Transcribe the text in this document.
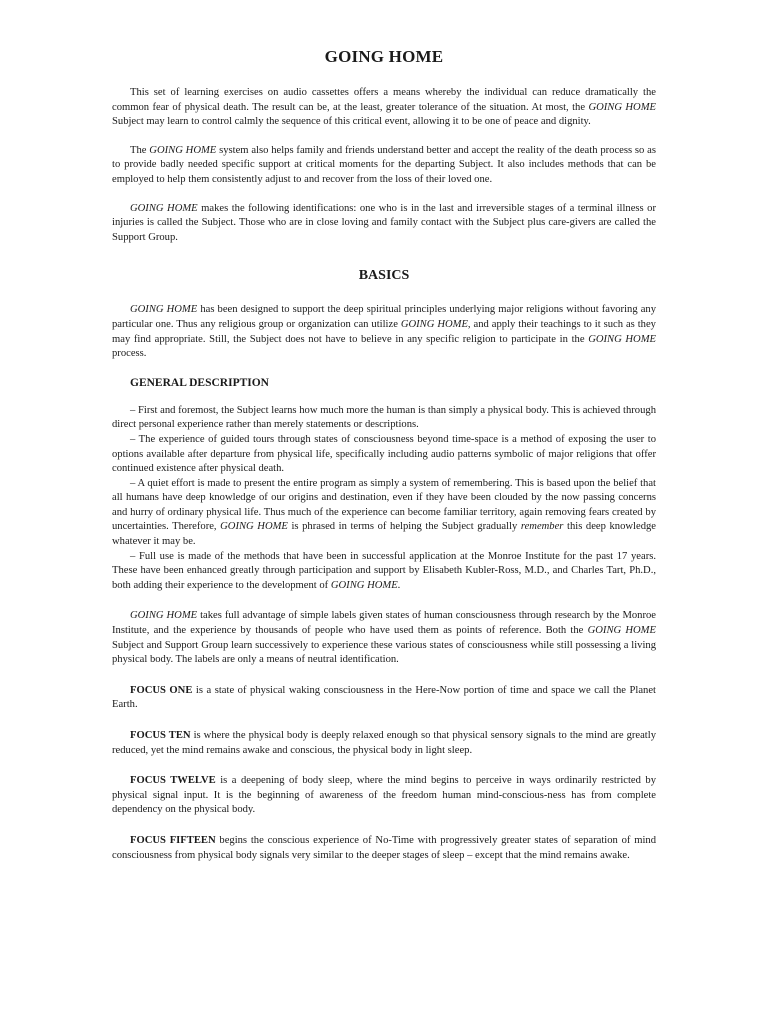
GOING HOME

This set of learning exercises on audio cassettes offers a means whereby the individual can reduce dramatically the common fear of physical death. The result can be, at the least, greater tolerance of the situation. At most, the GOING HOME Subject may learn to control calmly the sequence of this critical event, allowing it to be one of peace and dignity.

The GOING HOME system also helps family and friends understand better and accept the reality of the death process so as to provide badly needed specific support at critical moments for the departing Subject. It also includes methods that can be employed to help them consistently adjust to and recover from the loss of their loved one.

GOING HOME makes the following identifications: one who is in the last and irreversible stages of a terminal illness or injuries is called the Subject. Those who are in close loving and family contact with the Subject plus care-givers are called the Support Group.

BASICS

GOING HOME has been designed to support the deep spiritual principles underlying major religions without favoring any particular one. Thus any religious group or organization can utilize GOING HOME, and apply their teachings to it such as they may find appropriate. Still, the Subject does not have to believe in any specific religion to participate in the GOING HOME process.

GENERAL DESCRIPTION

– First and foremost, the Subject learns how much more the human is than simply a physical body. This is achieved through direct personal experience rather than merely statements or descriptions.

– The experience of guided tours through states of consciousness beyond time-space is a method of exposing the user to options available after departure from physical life, specifically including audio patterns symbolic of major religions that offer continued existence after physical death.

– A quiet effort is made to present the entire program as simply a system of remembering. This is based upon the belief that all humans have deep knowledge of our origins and destination, even if they have been clouded by the now passing concerns and hurry of ordinary physical life. Thus much of the experience can become familiar territory, again removing fears created by uncertainties. Therefore, GOING HOME is phrased in terms of helping the Subject gradually remember this deep knowledge whatever it may be.

– Full use is made of the methods that have been in successful application at the Monroe Institute for the past 17 years. These have been enhanced greatly through participation and support by Elisabeth Kubler-Ross, M.D., and Charles Tart, Ph.D., both adding their experience to the development of GOING HOME.

GOING HOME takes full advantage of simple labels given states of human consciousness through research by the Monroe Institute, and the experience by thousands of people who have used them as points of reference. Both the GOING HOME Subject and Support Group learn successively to experience these various states of consciousness while still possessing a living physical body. The labels are only a means of neutral identification.

FOCUS ONE is a state of physical waking consciousness in the Here-Now portion of time and space we call the Planet Earth.

FOCUS TEN is where the physical body is deeply relaxed enough so that physical sensory signals to the mind are greatly reduced, yet the mind remains awake and conscious, the physical body in light sleep.

FOCUS TWELVE is a deepening of body sleep, where the mind begins to perceive in ways ordinarily restricted by physical signal input. It is the beginning of awareness of the freedom human mind-conscious-ness has from complete dependency on the physical body.

FOCUS FIFTEEN begins the conscious experience of No-Time with progressively greater states of separation of mind consciousness from physical body signals very similar to the deeper stages of sleep – except that the mind remains awake.
